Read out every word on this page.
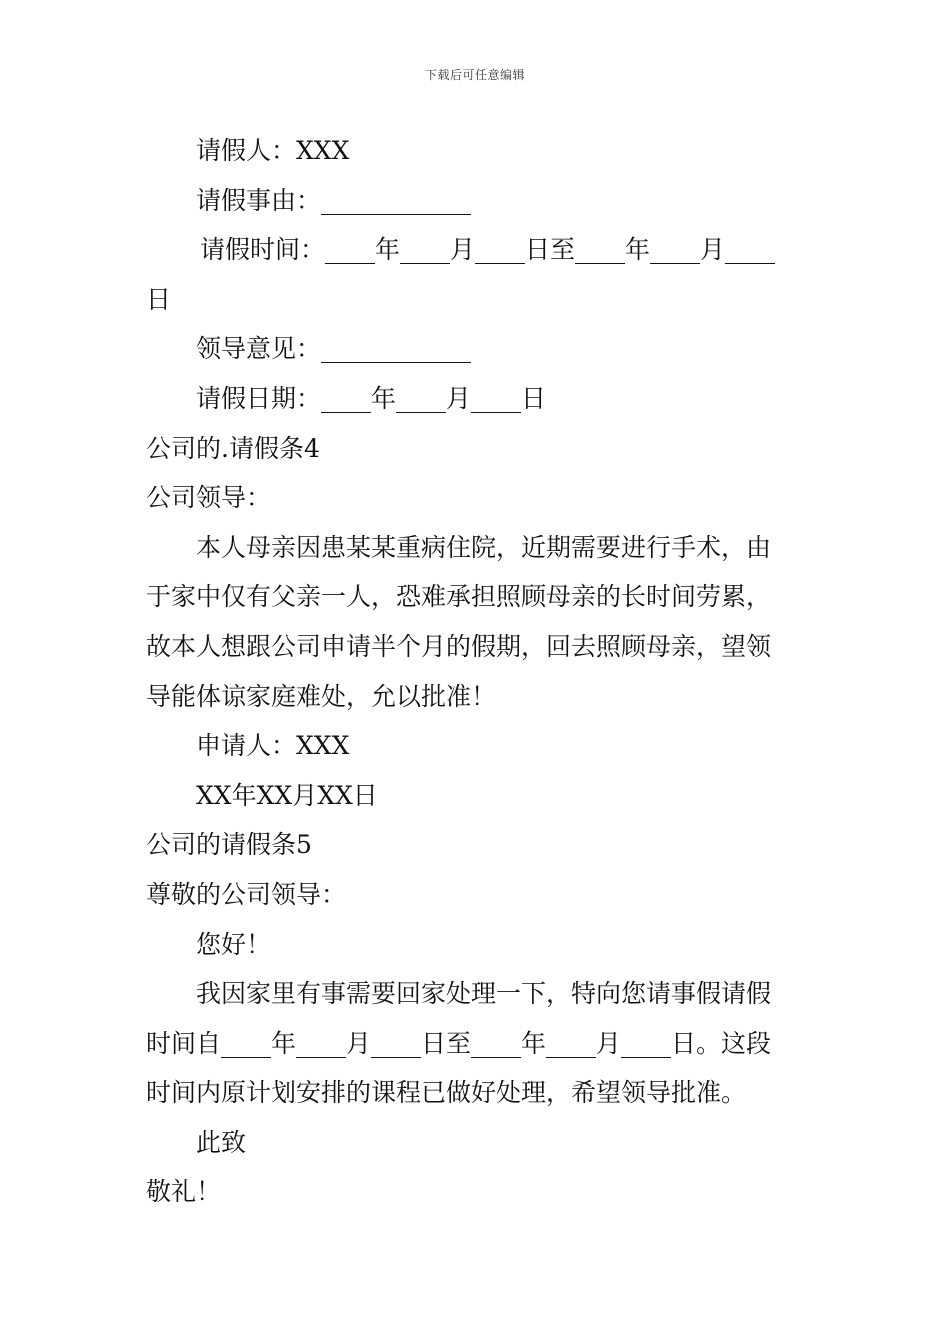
下载后可任意编辑

请假人：XXX

请假事由：____________

请假时间：____年____月____日至____年____月____

日

领导意见：____________

请假日期：____年____月____日

公司的.请假条4

公司领导：

本人母亲因患某某重病住院，近期需要进行手术，由

于家中仅有父亲一人，恐难承担照顾母亲的长时间劳累，

故本人想跟公司申请半个月的假期，回去照顾母亲，望领

导能体谅家庭难处，允以批准！

申请人：XXX

XX年XX月XX日

公司的请假条5

尊敬的公司领导：

您好！

我因家里有事需要回家处理一下，特向您请事假请假

时间自____年____月____日至____年____月____日。这段

时间内原计划安排的课程已做好处理，希望领导批准。

此致

敬礼！
